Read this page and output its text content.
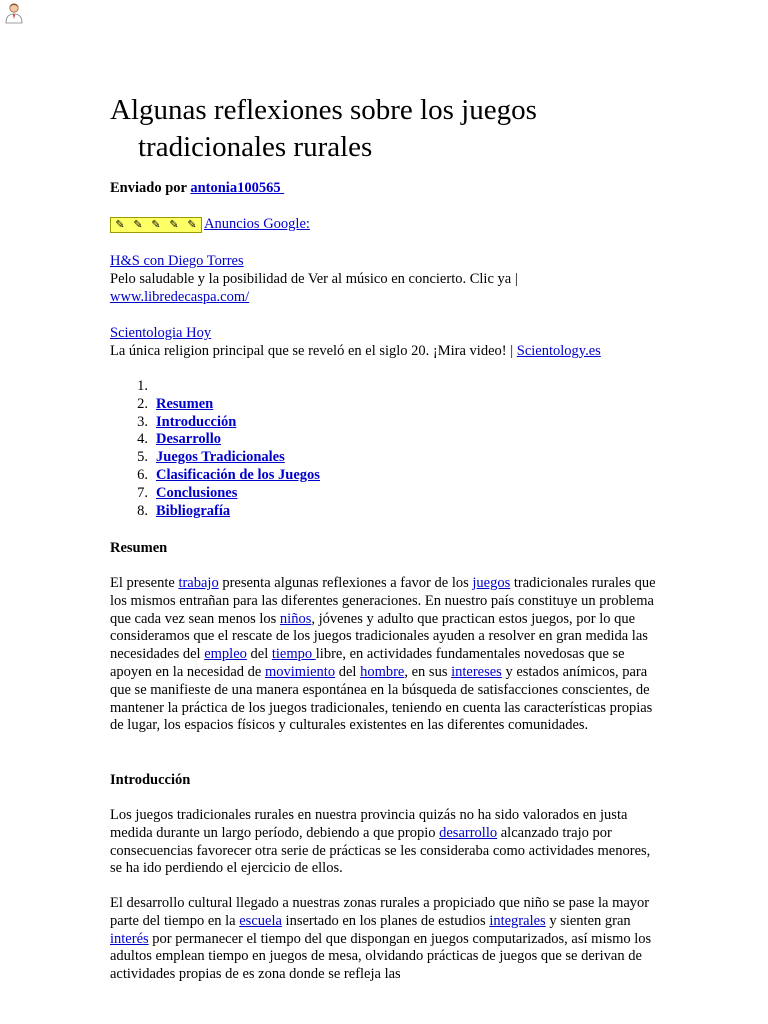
Algunas reflexiones sobre los juegos tradicionales rurales
Enviado por antonia100565
✎ ✎ ✎ ✎ ✎ Anuncios Google:
H&S con Diego Torres
Pelo saludable y la posibilidad de Ver al músico en concierto. Clic ya |
www.libredecaspa.com/
Scientologia Hoy
La única religion principal que se reveló en el siglo 20. ¡Mira video! | Scientology.es
1.
2. Resumen
3. Introducción
4. Desarrollo
5. Juegos Tradicionales
6. Clasificación de los Juegos
7. Conclusiones
8. Bibliografía
Resumen

El presente trabajo presenta algunas reflexiones a favor de los juegos tradicionales rurales que los mismos entrañan para las diferentes generaciones. En nuestro país constituye un problema que cada vez sean menos los niños, jóvenes y adulto que practican estos juegos, por lo que consideramos que el rescate de los juegos tradicionales ayuden a resolver en gran medida las necesidades del empleo del tiempo libre, en actividades fundamentales novedosas que se apoyen en la necesidad de movimiento del hombre, en sus intereses y estados anímicos, para que se manifieste de una manera espontánea en la búsqueda de satisfacciones conscientes, de mantener la práctica de los juegos tradicionales, teniendo en cuenta las características propias de lugar, los espacios físicos y culturales existentes en las diferentes comunidades.

Introducción

Los juegos tradicionales rurales en nuestra provincia quizás no ha sido valorados en justa medida durante un largo período, debiendo a que propio desarrollo alcanzado trajo por consecuencias favorecer otra serie de prácticas se les consideraba como actividades menores, se ha ido perdiendo el ejercicio de ellos.

El desarrollo cultural llegado a nuestras zonas rurales a propiciado que niño se pase la mayor parte del tiempo en la escuela insertado en los planes de estudios integrales y sienten gran interés por permanecer el tiempo del que dispongan en juegos computarizados, así mismo los adultos emplean tiempo en juegos de mesa, olvidando prácticas de juegos que se derivan de actividades propias de es zona donde se refleja las
